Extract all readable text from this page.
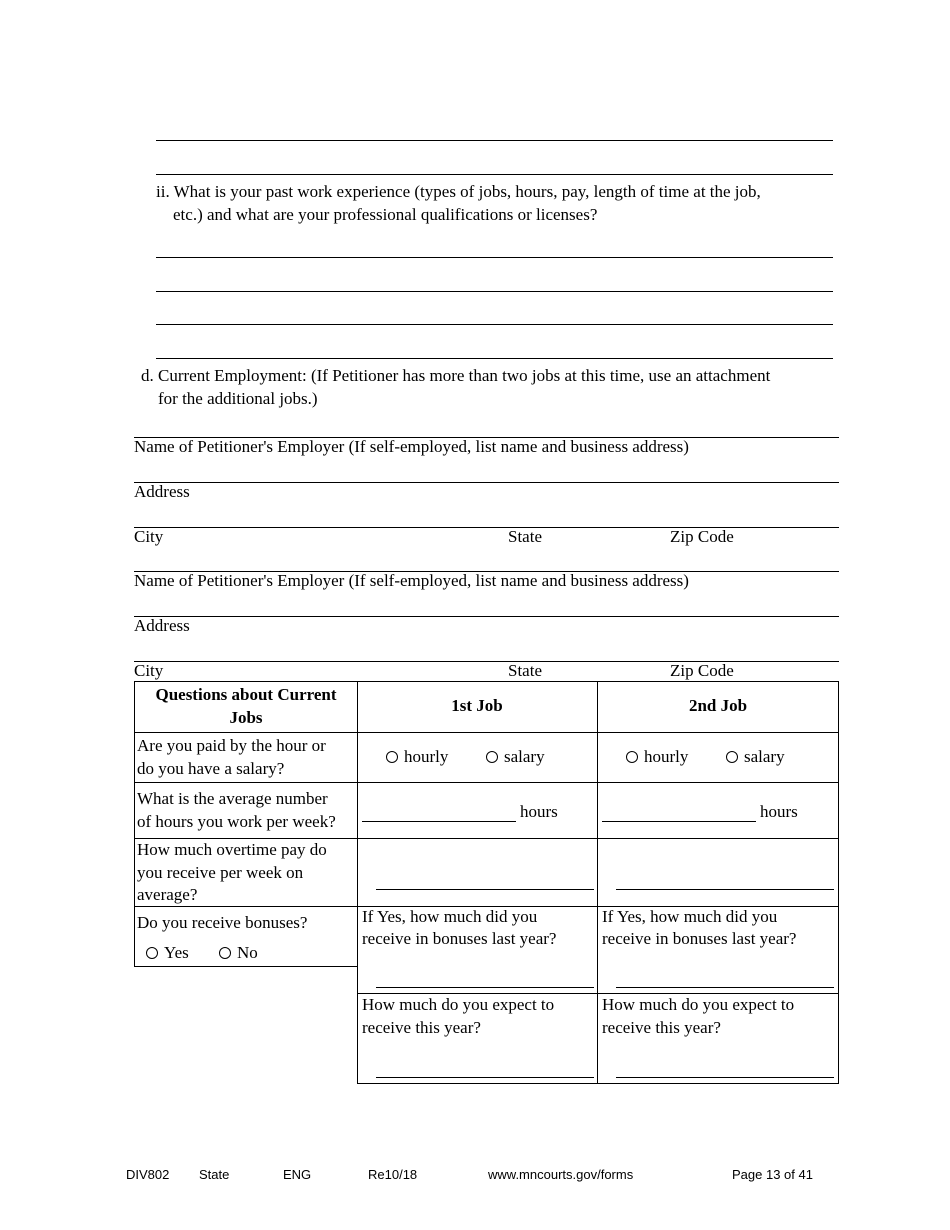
ii. What is your past work experience (types of jobs, hours, pay, length of time at the job,
etc.) and what are your professional qualifications or licenses?
d. Current Employment: (If Petitioner has more than two jobs at this time, use an attachment
for the additional jobs.)
Name of Petitioner's Employer (If self-employed, list name and business address)
Address
City	State	Zip Code
Name of Petitioner's Employer (If self-employed, list name and business address)
Address
City	State	Zip Code
Questions about Current
Jobs
1st Job	2nd Job
Are you paid by the hour or
do you have a salary?
hourly	salary	hourly	salary
What is the average number
of hours you work per week?
hours	hours
How much overtime pay do
you receive per week on
average?
Do you receive bonuses?
Yes	No
If Yes, how much did you
receive in bonuses last year?
If Yes, how much did you
receive in bonuses last year?
How much do you expect to
receive this year?
How much do you expect to
receive this year?
DIV802 State	ENG	Re10/18	www.mncourts.gov/forms	Page 13 of 41
